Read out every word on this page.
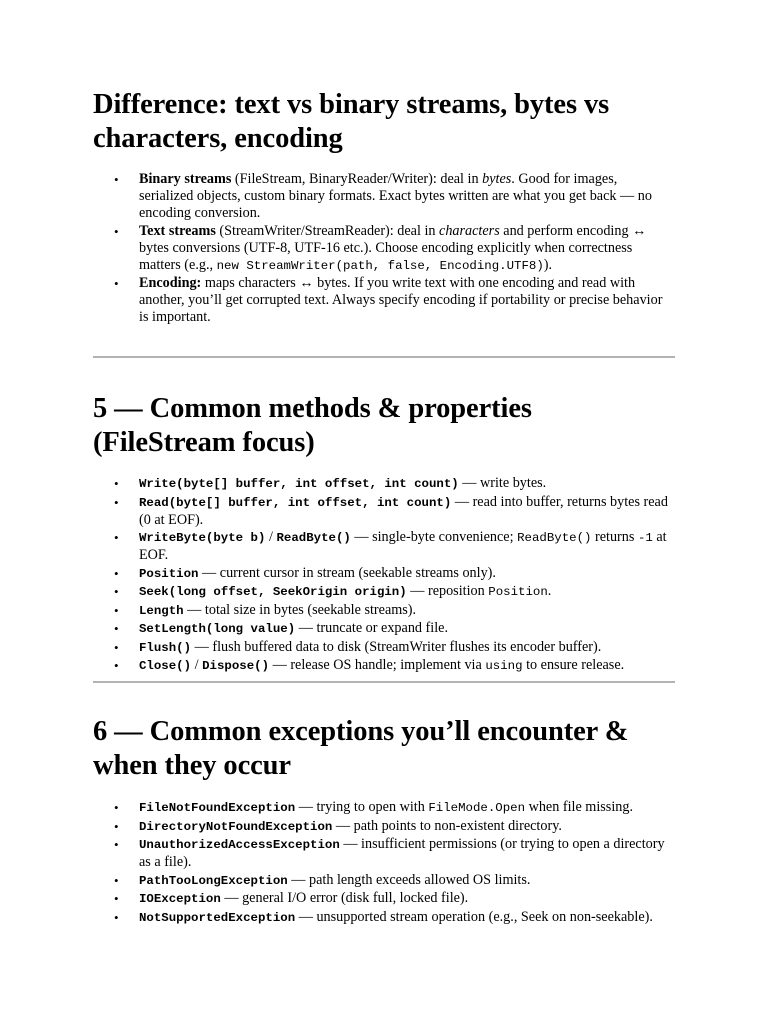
Difference: text vs binary streams, bytes vs characters, encoding
• Binary streams (FileStream, BinaryReader/Writer): deal in bytes. Good for images, serialized objects, custom binary formats. Exact bytes written are what you get back — no encoding conversion.
• Text streams (StreamWriter/StreamReader): deal in characters and perform encoding ↔ bytes conversions (UTF-8, UTF-16 etc.). Choose encoding explicitly when correctness matters (e.g., new StreamWriter(path, false, Encoding.UTF8)).
• Encoding: maps characters ↔ bytes. If you write text with one encoding and read with another, you’ll get corrupted text. Always specify encoding if portability or precise behavior is important.
5 — Common methods & properties (FileStream focus)
• Write(byte[] buffer, int offset, int count) — write bytes.
• Read(byte[] buffer, int offset, int count) — read into buffer, returns bytes read (0 at EOF).
• WriteByte(byte b) / ReadByte() — single-byte convenience; ReadByte() returns -1 at EOF.
• Position — current cursor in stream (seekable streams only).
• Seek(long offset, SeekOrigin origin) — reposition Position.
• Length — total size in bytes (seekable streams).
• SetLength(long value) — truncate or expand file.
• Flush() — flush buffered data to disk (StreamWriter flushes its encoder buffer).
• Close() / Dispose() — release OS handle; implement via using to ensure release.
6 — Common exceptions you’ll encounter & when they occur
• FileNotFoundException — trying to open with FileMode.Open when file missing.
• DirectoryNotFoundException — path points to non-existent directory.
• UnauthorizedAccessException — insufficient permissions (or trying to open a directory as a file).
• PathTooLongException — path length exceeds allowed OS limits.
• IOException — general I/O error (disk full, locked file).
• NotSupportedException — unsupported stream operation (e.g., Seek on non-seekable).
